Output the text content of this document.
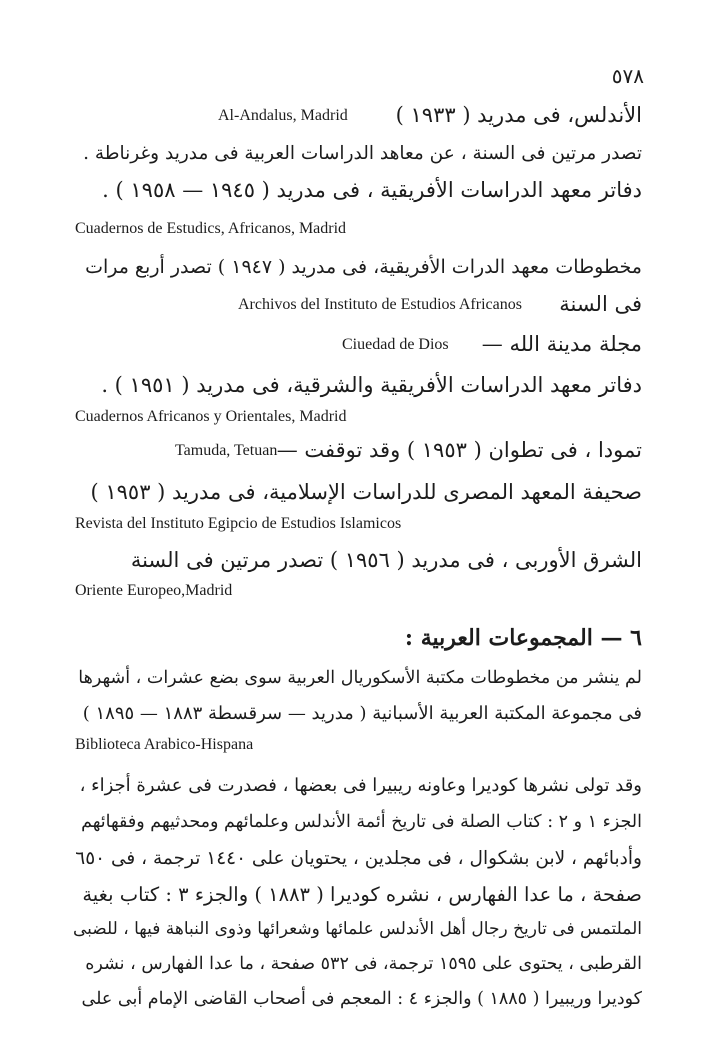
٥٧٨
الأندلس، فى مدريد ( ١٩٣٣ )
Al-Andalus, Madrid
تصدر مرتين فى السنة ، عن معاهد الدراسات العربية فى مدريد وغرناطة .
دفاتر معهد الدراسات الأفريقية ، فى مدريد ( ١٩٤٥ — ١٩٥٨ ) .
Cuadernos de Estudics, Africanos, Madrid
مخطوطات معهد الدرات الأفريقية، فى مدريد ( ١٩٤٧ ) تصدر أربع مرات
فى السنة
Archivos del Instituto de Estudios Africanos
مجلة مدينة الله —
Ciuedad de Dios
دفاتر معهد الدراسات الأفريقية والشرقية، فى مدريد ( ١٩٥١ ) .
Cuadernos Africanos y Orientales, Madrid
تمودا ، فى تطوان ( ١٩٥٣ ) وقد توقفت —
Tamuda, Tetuan
صحيفة المعهد المصرى للدراسات الإسلامية، فى مدريد ( ١٩٥٣ )
Revista del Instituto Egipcio de Estudios Islamicos
الشرق الأوربى ، فى مدريد ( ١٩٥٦ ) تصدر مرتين فى السنة
Oriente Europeo,Madrid
٦ — المجموعات العربية :
لم ينشر من مخطوطات مكتبة الأسكوريال العربية سوى بضع عشرات ، أشهرها
فى مجموعة المكتبة العربية الأسبانية ( مدريد — سرقسطة ١٨٨٣ — ١٨٩٥ )
Biblioteca Arabico-Hispana
وقد تولى نشرها كوديرا وعاونه ريبيرا فى بعضها ، فصدرت فى عشرة أجزاء ،
الجزء ١ و ٢ : كتاب الصلة فى تاريخ أئمة الأندلس وعلمائهم ومحدثيهم وفقهائهم
وأدبائهم ، لابن بشكوال ، فى مجلدين ، يحتويان على ١٤٤٠ ترجمة ، فى ٦٥٠
صفحة ، ما عدا الفهارس ، نشره كوديرا ( ١٨٨٣ ) والجزء ٣ : كتاب بغية
الملتمس فى تاريخ رجال أهل الأندلس علمائها وشعرائها وذوى النباهة فيها ، للضبى
القرطبى ، يحتوى على ١٥٩٥ ترجمة، فى ٥٣٢ صفحة ، ما عدا الفهارس ، نشره
كوديرا وريبيرا ( ١٨٨٥ ) والجزء ٤ : المعجم فى أصحاب القاضى الإمام أبى على
